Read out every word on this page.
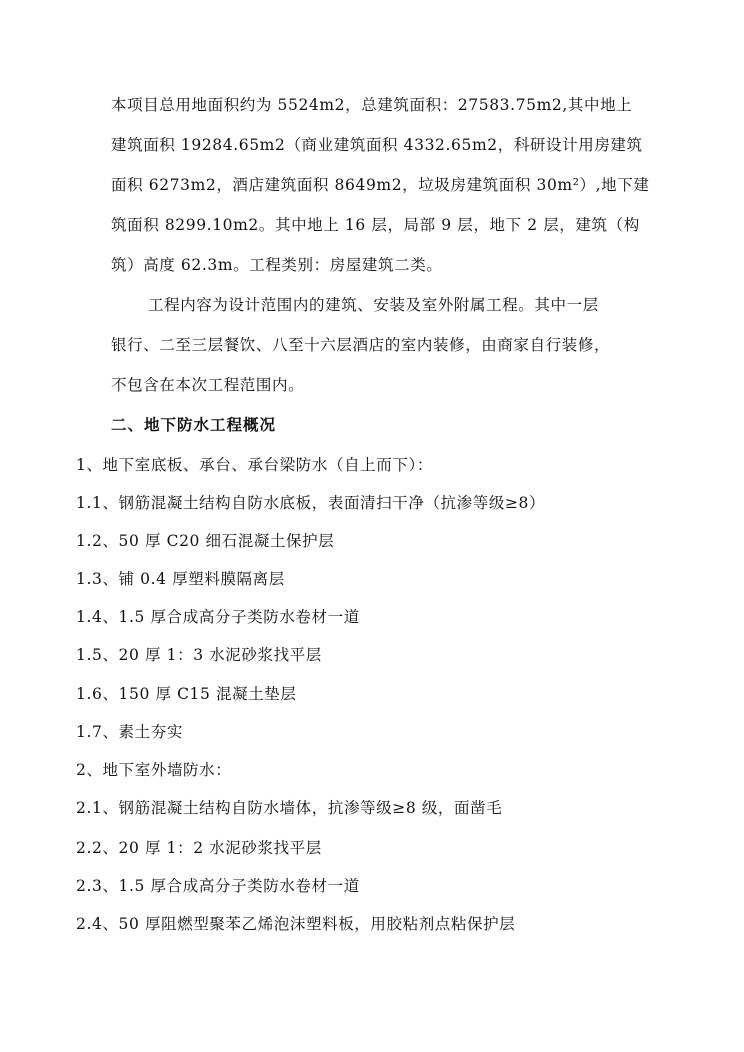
本项目总用地面积约为 5524m2，总建筑面积：27583.75m2,其中地上
建筑面积 19284.65m2（商业建筑面积 4332.65m2，科研设计用房建筑
面积 6273m2，酒店建筑面积 8649m2，垃圾房建筑面积 30m²）,地下建
筑面积 8299.10m2。其中地上 16 层，局部 9 层，地下 2 层，建筑（构
筑）高度 62.3m。工程类别：房屋建筑二类。
工程内容为设计范围内的建筑、安装及室外附属工程。其中一层
银行、二至三层餐饮、八至十六层酒店的室内装修，由商家自行装修，
不包含在本次工程范围内。
二、地下防水工程概况
1、地下室底板、承台、承台梁防水（自上而下）：
1.1、钢筋混凝土结构自防水底板，表面清扫干净（抗渗等级≥8）
1.2、50 厚 C20 细石混凝土保护层
1.3、铺 0.4 厚塑料膜隔离层
1.4、1.5 厚合成高分子类防水卷材一道
1.5、20 厚 1：3 水泥砂浆找平层
1.6、150 厚 C15 混凝土垫层
1.7、素土夯实
2、地下室外墙防水：
2.1、钢筋混凝土结构自防水墙体，抗渗等级≥8 级，面凿毛
2.2、20 厚 1：2 水泥砂浆找平层
2.3、1.5 厚合成高分子类防水卷材一道
2.4、50 厚阻燃型聚苯乙烯泡沫塑料板，用胶粘剂点粘保护层
